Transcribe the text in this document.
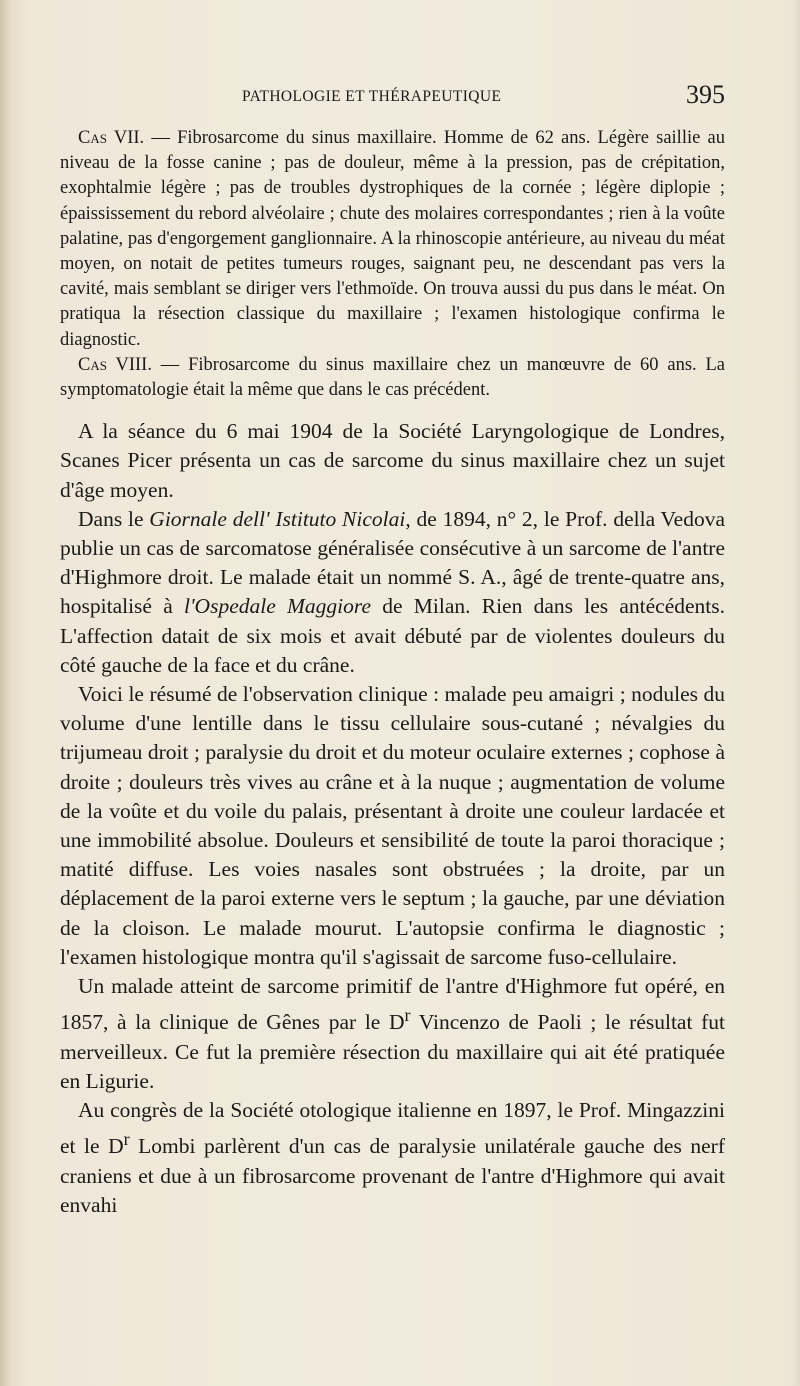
PATHOLOGIE ET THÉRAPEUTIQUE	395

Cas VII. — Fibrosarcome du sinus maxillaire. Homme de 62 ans. Légère saillie au niveau de la fosse canine ; pas de douleur, même à la pression, pas de crépitation, exophtalmie légère ; pas de troubles dystrophiques de la cornée ; légère diplopie ; épaississement du rebord alvéolaire ; chute des molaires correspondantes ; rien à la voûte palatine, pas d'engorgement ganglionnaire. A la rhinoscopie antérieure, au niveau du méat moyen, on notait de petites tumeurs rouges, saignant peu, ne descendant pas vers la cavité, mais semblant se diriger vers l'ethmoïde. On trouva aussi du pus dans le méat. On pratiqua la résection classique du maxillaire ; l'examen histologique confirma le diagnostic.

Cas VIII. — Fibrosarcome du sinus maxillaire chez un manœuvre de 60 ans. La symptomatologie était la même que dans le cas précédent.

A la séance du 6 mai 1904 de la Société Laryngologique de Londres, Scanes Picer présenta un cas de sarcome du sinus maxillaire chez un sujet d'âge moyen.

Dans le Giornale dell' Istituto Nicolai, de 1894, n° 2, le Prof. della Vedova publie un cas de sarcomatose généralisée consécutive à un sarcome de l'antre d'Highmore droit. Le malade était un nommé S. A., âgé de trente-quatre ans, hospitalisé à l'Ospedale Maggiore de Milan. Rien dans les antécédents. L'affection datait de six mois et avait débuté par de violentes douleurs du côté gauche de la face et du crâne.

Voici le résumé de l'observation clinique : malade peu amaigri ; nodules du volume d'une lentille dans le tissu cellulaire sous-cutané ; névalgies du trijumeau droit ; paralysie du droit et du moteur oculaire externes ; cophose à droite ; douleurs très vives au crâne et à la nuque ; augmentation de volume de la voûte et du voile du palais, présentant à droite une couleur lardacée et une immobilité absolue. Douleurs et sensibilité de toute la paroi thoracique ; matité diffuse. Les voies nasales sont obstruées ; la droite, par un déplacement de la paroi externe vers le septum ; la gauche, par une déviation de la cloison. Le malade mourut. L'autopsie confirma le diagnostic ; l'examen histologique montra qu'il s'agissait de sarcome fuso-cellulaire.

Un malade atteint de sarcome primitif de l'antre d'Highmore fut opéré, en 1857, à la clinique de Gênes par le $D^r$ Vincenzo de Paoli ; le résultat fut merveilleux. Ce fut la première résection du maxillaire qui ait été pratiquée en Ligurie.

Au congrès de la Société otologique italienne en 1897, le Prof. Mingazzini et le $D^r$ Lombi parlèrent d'un cas de paralysie unilatérale gauche des nerf craniens et due à un fibrosarcome provenant de l'antre d'Highmore qui avait envahi
